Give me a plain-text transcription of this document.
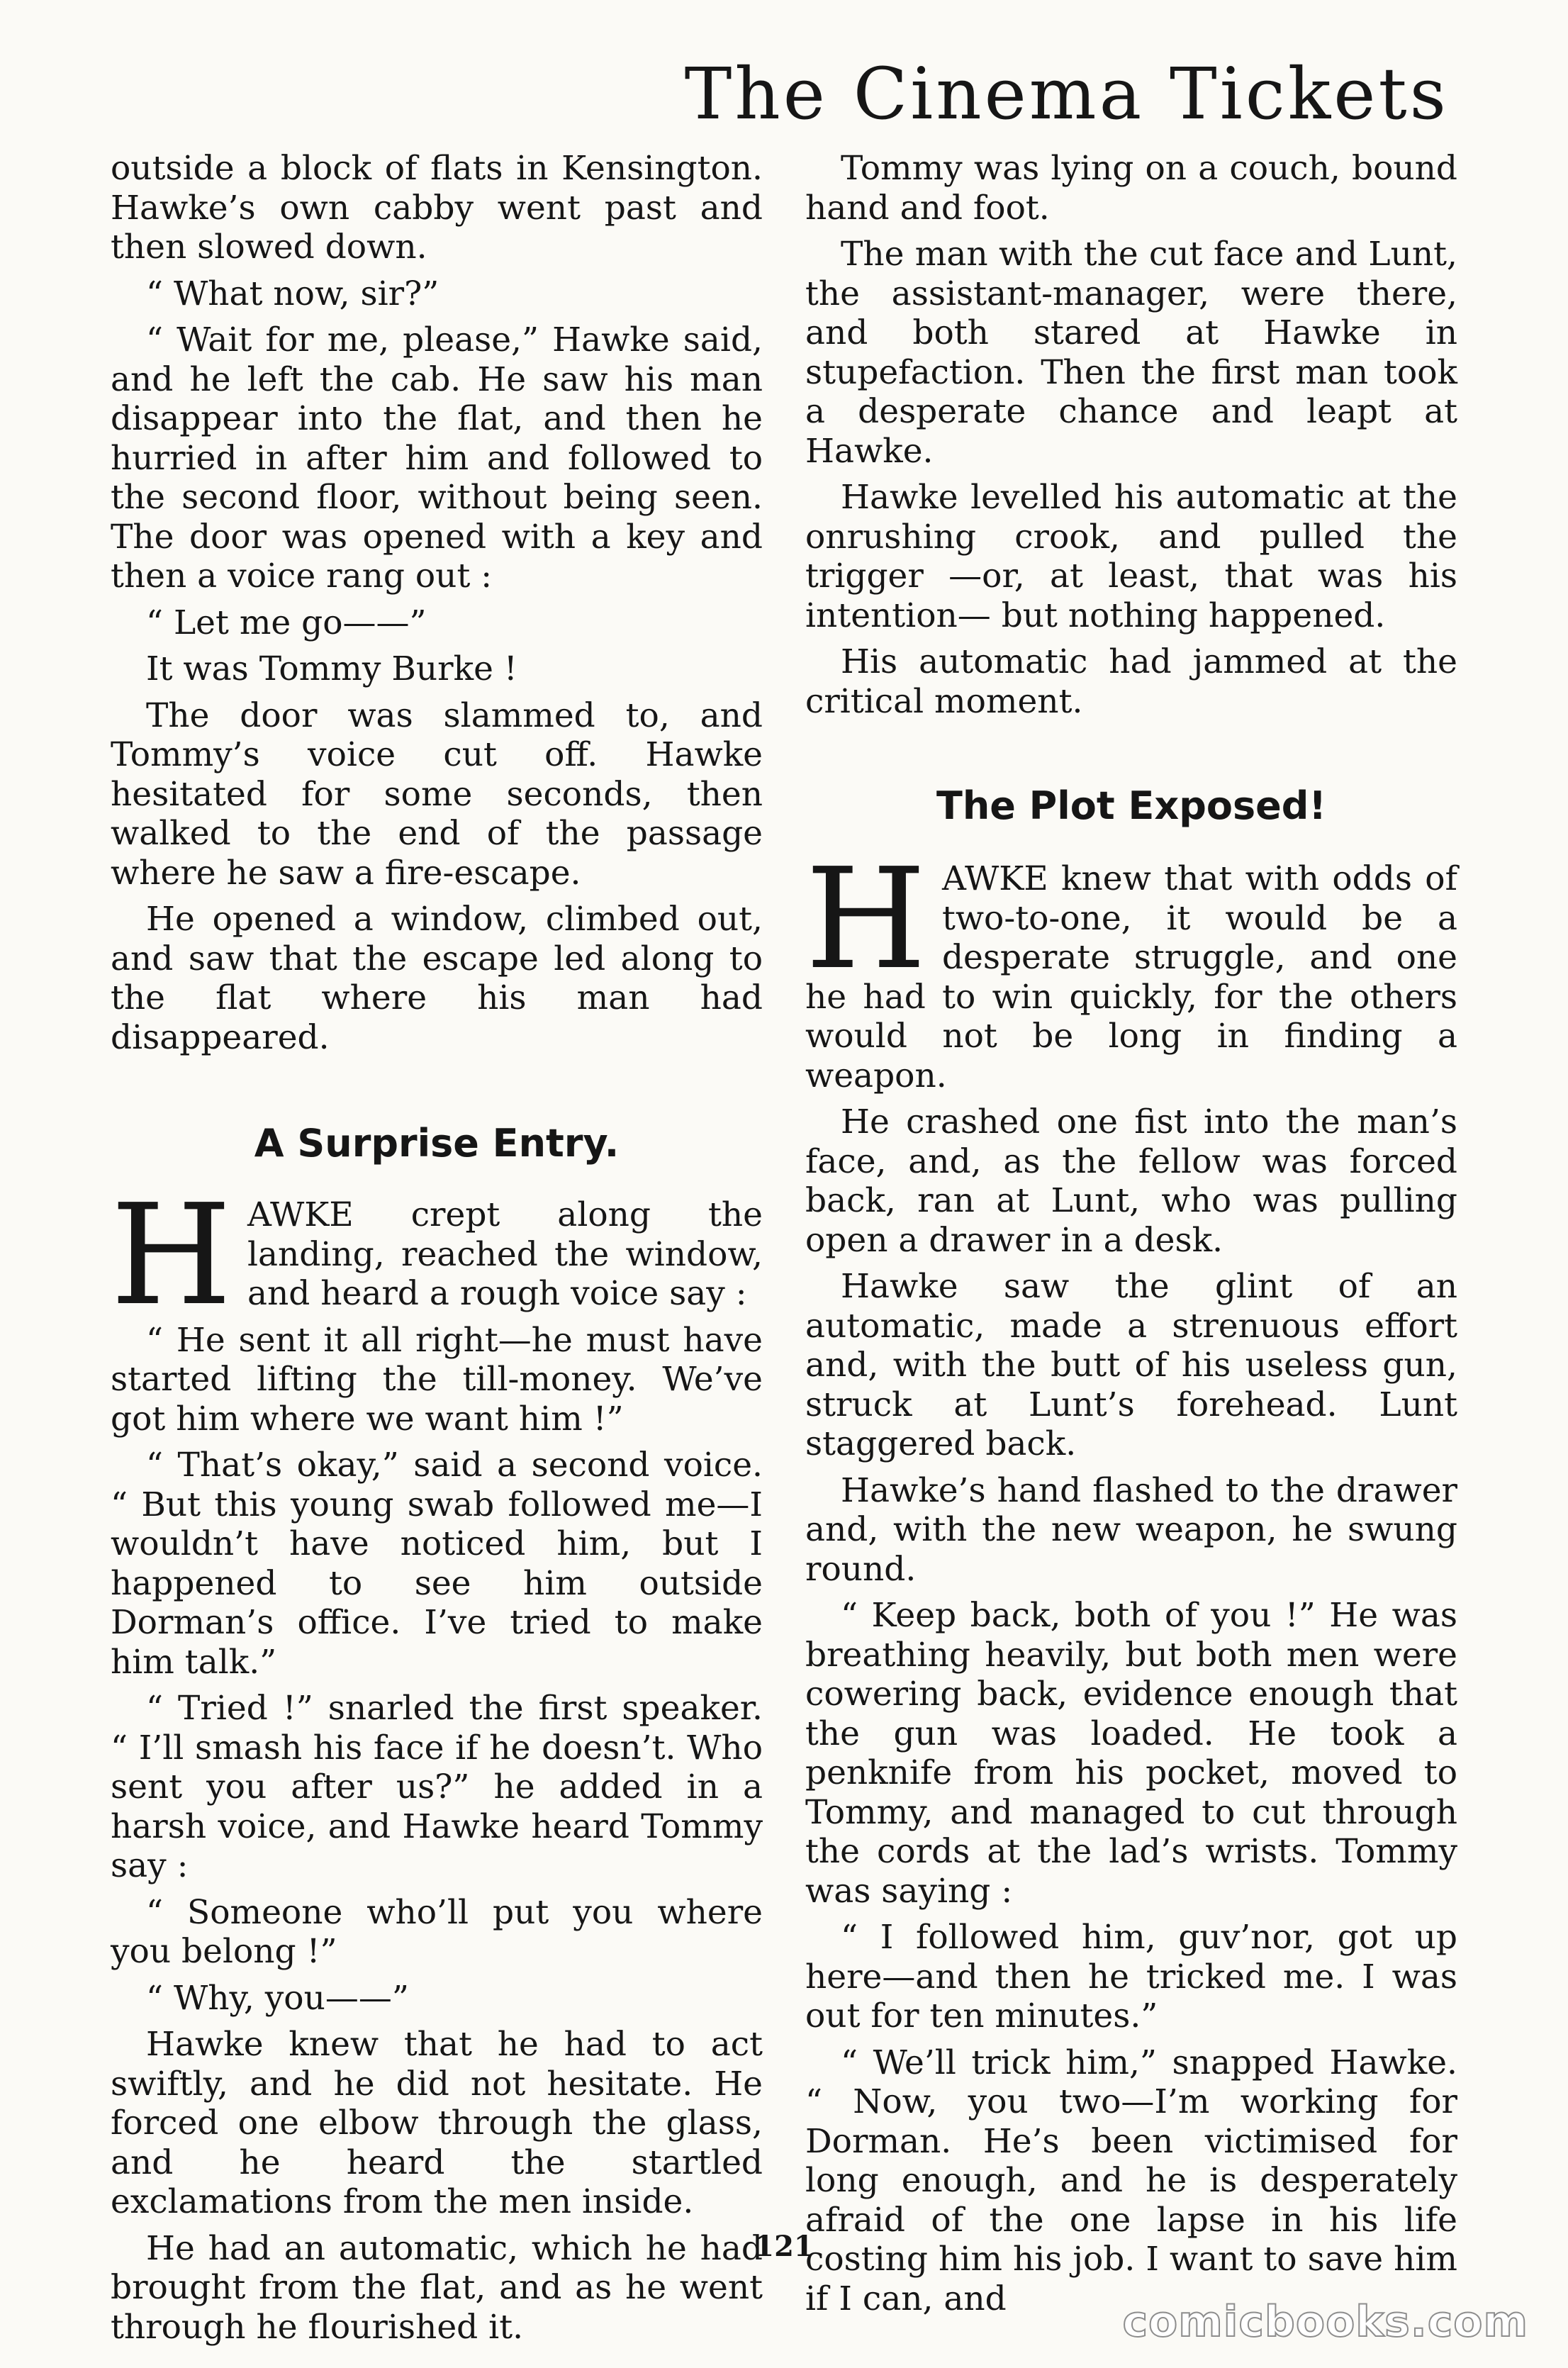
The Cinema Tickets

outside a block of flats in Kensington. Hawke’s own cabby went past and then slowed down.

“ What now, sir?”

“ Wait for me, please,” Hawke said, and he left the cab. He saw his man disappear into the flat, and then he hurried in after him and followed to the second floor, without being seen. The door was opened with a key and then a voice rang out :

“ Let me go——”

It was Tommy Burke !

The door was slammed to, and Tommy’s voice cut off. Hawke hesitated for some seconds, then walked to the end of the passage where he saw a fire-escape.

He opened a window, climbed out, and saw that the escape led along to the flat where his man had disappeared.

A Surprise Entry.

HAWKE crept along the landing, reached the window, and heard a rough voice say :

“ He sent it all right—he must have started lifting the till-money. We’ve got him where we want him !”

“ That’s okay,” said a second voice. “ But this young swab followed me—I wouldn’t have noticed him, but I happened to see him outside Dorman’s office. I’ve tried to make him talk.”

“ Tried !” snarled the first speaker. “ I’ll smash his face if he doesn’t. Who sent you after us?” he added in a harsh voice, and Hawke heard Tommy say :

“ Someone who’ll put you where you belong !”

“ Why, you——”

Hawke knew that he had to act swiftly, and he did not hesitate. He forced one elbow through the glass, and he heard the startled exclamations from the men inside.

He had an automatic, which he had brought from the flat, and as he went through he flourished it.

Tommy was lying on a couch, bound hand and foot.

The man with the cut face and Lunt, the assistant-manager, were there, and both stared at Hawke in stupefaction. Then the first man took a desperate chance and leapt at Hawke.

Hawke levelled his automatic at the onrushing crook, and pulled the trigger —or, at least, that was his intention— but nothing happened.

His automatic had jammed at the critical moment.

The Plot Exposed!

HAWKE knew that with odds of two-to-one, it would be a desperate struggle, and one he had to win quickly, for the others would not be long in finding a weapon.

He crashed one fist into the man’s face, and, as the fellow was forced back, ran at Lunt, who was pulling open a drawer in a desk.

Hawke saw the glint of an automatic, made a strenuous effort and, with the butt of his useless gun, struck at Lunt’s forehead. Lunt staggered back.

Hawke’s hand flashed to the drawer and, with the new weapon, he swung round.

“ Keep back, both of you !” He was breathing heavily, but both men were cowering back, evidence enough that the gun was loaded. He took a penknife from his pocket, moved to Tommy, and managed to cut through the cords at the lad’s wrists. Tommy was saying :

“ I followed him, guv’nor, got up here—and then he tricked me. I was out for ten minutes.”

“ We’ll trick him,” snapped Hawke. “ Now, you two—I’m working for Dorman. He’s been victimised for long enough, and he is desperately afraid of the one lapse in his life costing him his job. I want to save him if I can, and

121
comicbooks.com
